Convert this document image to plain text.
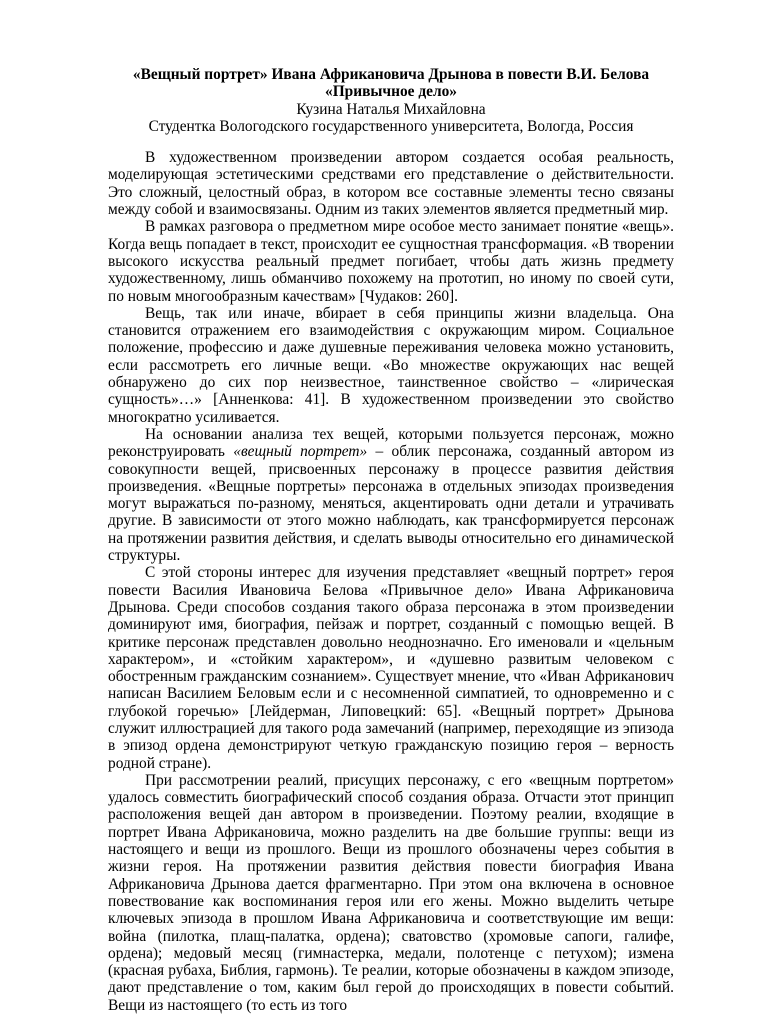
«Вещный портрет» Ивана Африкановича Дрынова в повести В.И. Белова
«Привычное дело»
Кузина Наталья Михайловна
Студентка Вологодского государственного университета, Вологда, Россия

В художественном произведении автором создается особая реальность, моделирующая эстетическими средствами его представление о действительности. Это сложный, целостный образ, в котором все составные элементы тесно связаны между собой и взаимосвязаны. Одним из таких элементов является предметный мир.

В рамках разговора о предметном мире особое место занимает понятие «вещь». Когда вещь попадает в текст, происходит ее сущностная трансформация. «В творении высокого искусства реальный предмет погибает, чтобы дать жизнь предмету художественному, лишь обманчиво похожему на прототип, но иному по своей сути, по новым многообразным качествам» [Чудаков: 260].

Вещь, так или иначе, вбирает в себя принципы жизни владельца. Она становится отражением его взаимодействия с окружающим миром. Социальное положение, профессию и даже душевные переживания человека можно установить, если рассмотреть его личные вещи. «Во множестве окружающих нас вещей обнаружено до сих пор неизвестное, таинственное свойство – «лирическая сущность»…» [Анненкова: 41]. В художественном произведении это свойство многократно усиливается.

На основании анализа тех вещей, которыми пользуется персонаж, можно реконструировать «вещный портрет» – облик персонажа, созданный автором из совокупности вещей, присвоенных персонажу в процессе развития действия произведения. «Вещные портреты» персонажа в отдельных эпизодах произведения могут выражаться по-разному, меняться, акцентировать одни детали и утрачивать другие. В зависимости от этого можно наблюдать, как трансформируется персонаж на протяжении развития действия, и сделать выводы относительно его динамической структуры.

С этой стороны интерес для изучения представляет «вещный портрет» героя повести Василия Ивановича Белова «Привычное дело» Ивана Африкановича Дрынова. Среди способов создания такого образа персонажа в этом произведении доминируют имя, биография, пейзаж и портрет, созданный с помощью вещей. В критике персонаж представлен довольно неоднозначно. Его именовали и «цельным характером», и «стойким характером», и «душевно развитым человеком с обостренным гражданским сознанием». Существует мнение, что «Иван Африканович написан Василием Беловым если и с несомненной симпатией, то одновременно и с глубокой горечью» [Лейдерман, Липовецкий: 65]. «Вещный портрет» Дрынова служит иллюстрацией для такого рода замечаний (например, переходящие из эпизода в эпизод ордена демонстрируют четкую гражданскую позицию героя – верность родной стране).

При рассмотрении реалий, присущих персонажу, с его «вещным портретом» удалось совместить биографический способ создания образа. Отчасти этот принцип расположения вещей дан автором в произведении. Поэтому реалии, входящие в портрет Ивана Африкановича, можно разделить на две большие группы: вещи из настоящего и вещи из прошлого. Вещи из прошлого обозначены через события в жизни героя. На протяжении развития действия повести биография Ивана Африкановича Дрынова дается фрагментарно. При этом она включена в основное повествование как воспоминания героя или его жены. Можно выделить четыре ключевых эпизода в прошлом Ивана Африкановича и соответствующие им вещи: война (пилотка, плащ-палатка, ордена); сватовство (хромовые сапоги, галифе, ордена); медовый месяц (гимнастерка, медали, полотенце с петухом); измена (красная рубаха, Библия, гармонь). Те реалии, которые обозначены в каждом эпизоде, дают представление о том, каким был герой до происходящих в повести событий. Вещи из настоящего (то есть из того
